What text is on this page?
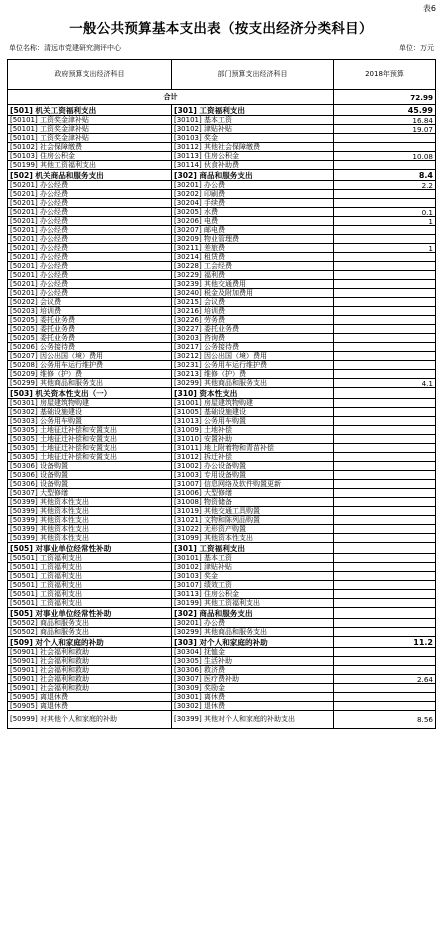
表6
一般公共预算基本支出表（按支出经济分类科目）
单位名称：清远市党建研究测评中心	单位：万元
政府预算支出经济科目	部门预算支出经济科目	2018年预算
合计		72.99
[501] 机关工资福利支出	[301] 工资福利支出	45.99
[50101] 工资奖金津补贴	[30101] 基本工资	16.84
[50101] 工资奖金津补贴	[30102] 津贴补贴	19.07
[50101] 工资奖金津补贴	[30103] 奖金	
[50102] 社会保障缴费	[30112] 其他社会保障缴费	
[50103] 住房公积金	[30113] 住房公积金	10.08
[50199] 其他工资福利支出	[30114] 伙食补助费	
[502] 机关商品和服务支出	[302] 商品和服务支出	8.4
[50201] 办公经费	[30201] 办公费	2.2
[50201] 办公经费	[30202] 印刷费	
[50201] 办公经费	[30204] 手续费	
[50201] 办公经费	[30205] 水费	0.1
[50201] 办公经费	[30206] 电费	1
[50201] 办公经费	[30207] 邮电费	
[50201] 办公经费	[30209] 物业管理费	
[50201] 办公经费	[30211] 差旅费	1
[50201] 办公经费	[30214] 租赁费	
[50201] 办公经费	[30228] 工会经费	
[50201] 办公经费	[30229] 福利费	
[50201] 办公经费	[30239] 其他交通费用	
[50201] 办公经费	[30240] 税金及附加费用	
[50202] 会议费	[30215] 会议费	
[50203] 培训费	[30216] 培训费	
[50205] 委托业务费	[30226] 劳务费	
[50205] 委托业务费	[30227] 委托业务费	
[50205] 委托业务费	[30203] 咨询费	
[50206] 公务接待费	[30217] 公务接待费	
[50207] 因公出国（境）费用	[30212] 因公出国（境）费用	
[50208] 公务用车运行维护费	[30231] 公务用车运行维护费	
[50209] 维修（护）费	[30213] 维修（护）费	
[50299] 其他商品和服务支出	[30299] 其他商品和服务支出	4.1
[503] 机关资本性支出（一）	[310] 资本性支出	
[50301] 房屋建筑物购建	[31001] 房屋建筑物购建	
[50302] 基础设施建设	[31005] 基础设施建设	
[50303] 公务用车购置	[31013] 公务用车购置	
[50305] 土地征迁补偿和安置支出	[31009] 土地补偿	
[50305] 土地征迁补偿和安置支出	[31010] 安置补助	
[50305] 土地征迁补偿和安置支出	[31011] 地上附着物和青苗补偿	
[50305] 土地征迁补偿和安置支出	[31012] 拆迁补偿	
[50306] 设备购置	[31002] 办公设备购置	
[50306] 设备购置	[31003] 专用设备购置	
[50306] 设备购置	[31007] 信息网络及软件购置更新	
[50307] 大型修缮	[31006] 大型修缮	
[50399] 其他资本性支出	[31008] 物资储备	
[50399] 其他资本性支出	[31019] 其他交通工具购置	
[50399] 其他资本性支出	[31021] 文物和陈列品购置	
[50399] 其他资本性支出	[31022] 无形资产购置	
[50399] 其他资本性支出	[31099] 其他资本性支出	
[505] 对事业单位经常性补助	[301] 工资福利支出	
[50501] 工资福利支出	[30101] 基本工资	
[50501] 工资福利支出	[30102] 津贴补贴	
[50501] 工资福利支出	[30103] 奖金	
[50501] 工资福利支出	[30107] 绩效工资	
[50501] 工资福利支出	[30113] 住房公积金	
[50501] 工资福利支出	[30199] 其他工资福利支出	
[505] 对事业单位经常性补助	[302] 商品和服务支出	
[50502] 商品和服务支出	[30201] 办公费	
[50502] 商品和服务支出	[30299] 其他商品和服务支出	
[509] 对个人和家庭的补助	[303] 对个人和家庭的补助	11.2
[50901] 社会福利和救助	[30304] 抚恤金	
[50901] 社会福利和救助	[30305] 生活补助	
[50901] 社会福利和救助	[30306] 救济费	
[50901] 社会福利和救助	[30307] 医疗费补助	2.64
[50901] 社会福利和救助	[30309] 奖励金	
[50905] 离退休费	[30301] 离休费	
[50905] 离退休费	[30302] 退休费	
[50999] 对其他个人和家庭的补助	[30399] 其他对个人和家庭的补助支出	8.56
